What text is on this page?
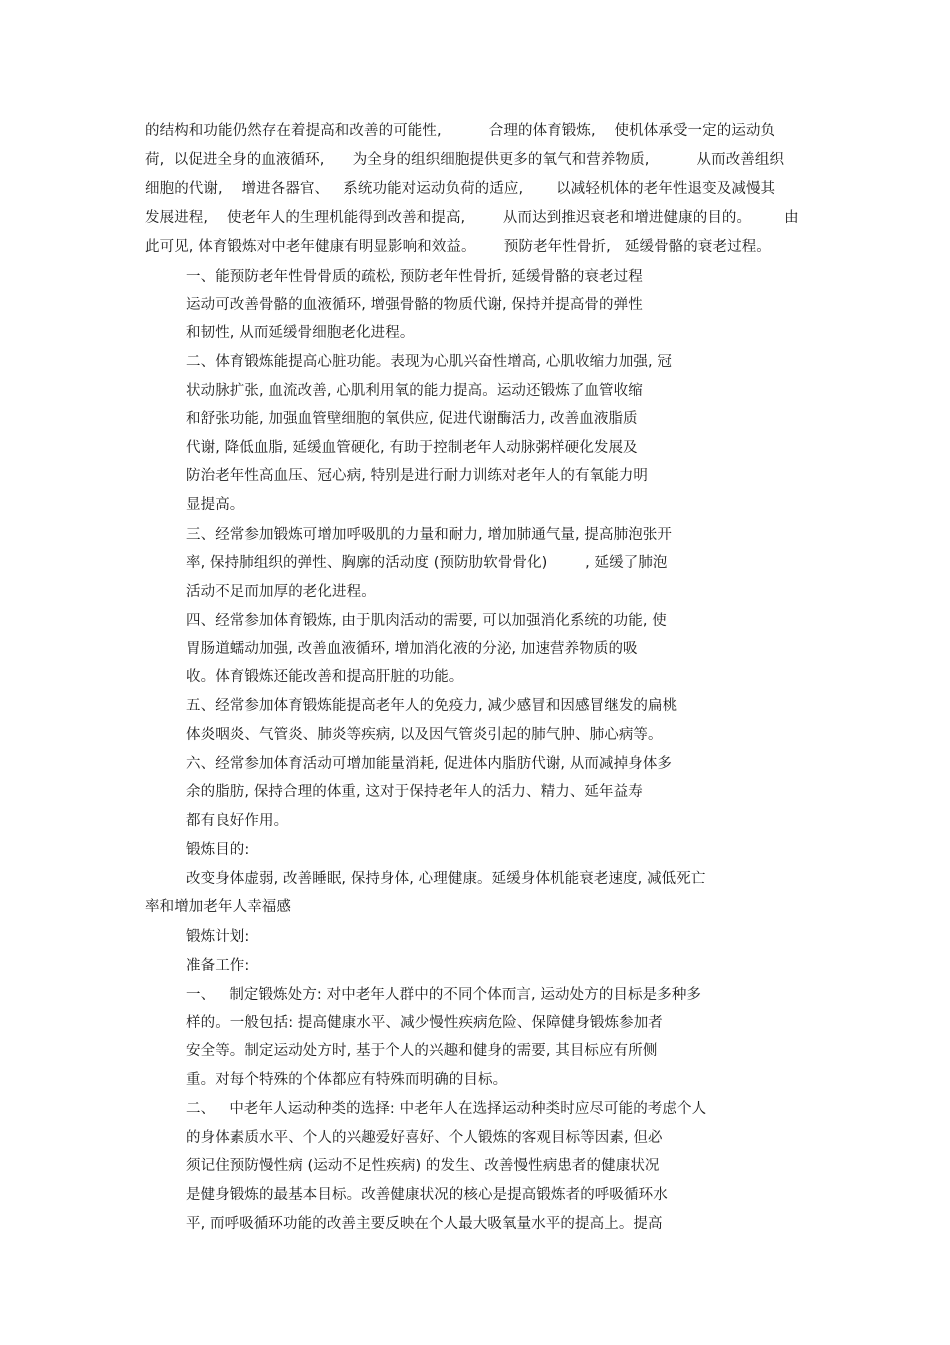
的结构和功能仍然存在着提高和改善的可能性,          合理的体育锻炼,    使机体承受一定的运动负
荷,  以促进全身的血液循环,      为全身的组织细胞提供更多的氧气和营养物质,          从而改善组织
细胞的代谢,    增进各器官、   系统功能对运动负荷的适应,       以减轻机体的老年性退变及减慢其
发展进程,    使老年人的生理机能得到改善和提高,        从而达到推迟衰老和增进健康的目的。       由
此可见, 体育锻炼对中老年健康有明显影响和效益。      预防老年性骨折,   延缓骨骼的衰老过程。
一、能预防老年性骨骨质的疏松, 预防老年性骨折, 延缓骨骼的衰老过程
运动可改善骨骼的血液循环, 增强骨骼的物质代谢, 保持并提高骨的弹性
和韧性, 从而延缓骨细胞老化进程。
二、体育锻炼能提高心脏功能。表现为心肌兴奋性增高, 心肌收缩力加强, 冠
状动脉扩张, 血流改善, 心肌利用氧的能力提高。运动还锻炼了血管收缩
和舒张功能, 加强血管壁细胞的氧供应, 促进代谢酶活力, 改善血液脂质
代谢, 降低血脂, 延缓血管硬化, 有助于控制老年人动脉粥样硬化发展及
防治老年性高血压、冠心病, 特别是进行耐力训练对老年人的有氧能力明
显提高。
三、经常参加锻炼可增加呼吸肌的力量和耐力, 增加肺通气量, 提高肺泡张开
率, 保持肺组织的弹性、胸廓的活动度 (预防肋软骨骨化)        , 延缓了肺泡
活动不足而加厚的老化进程。
四、经常参加体育锻炼, 由于肌肉活动的需要, 可以加强消化系统的功能, 使
胃肠道蠕动加强, 改善血液循环, 增加消化液的分泌, 加速营养物质的吸
收。体育锻炼还能改善和提高肝脏的功能。
五、经常参加体育锻炼能提高老年人的免疫力, 减少感冒和因感冒继发的扁桃
体炎咽炎、气管炎、肺炎等疾病, 以及因气管炎引起的肺气肿、肺心病等。
六、经常参加体育活动可增加能量消耗, 促进体内脂肪代谢, 从而减掉身体多
余的脂肪, 保持合理的体重, 这对于保持老年人的活力、精力、延年益寿
都有良好作用。
锻炼目的:
改变身体虚弱, 改善睡眠, 保持身体, 心理健康。延缓身体机能衰老速度, 减低死亡
率和增加老年人幸福感
锻炼计划:
准备工作:
一、   制定锻炼处方: 对中老年人群中的不同个体而言, 运动处方的目标是多种多
样的。一般包括: 提高健康水平、减少慢性疾病危险、保障健身锻炼参加者
安全等。制定运动处方时, 基于个人的兴趣和健身的需要, 其目标应有所侧
重。对每个特殊的个体都应有特殊而明确的目标。
二、   中老年人运动种类的选择: 中老年人在选择运动种类时应尽可能的考虑个人
的身体素质水平、个人的兴趣爱好喜好、个人锻炼的客观目标等因素, 但必
须记住预防慢性病 (运动不足性疾病) 的发生、改善慢性病患者的健康状况
是健身锻炼的最基本目标。改善健康状况的核心是提高锻炼者的呼吸循环水
平, 而呼吸循环功能的改善主要反映在个人最大吸氧量水平的提高上。提高
